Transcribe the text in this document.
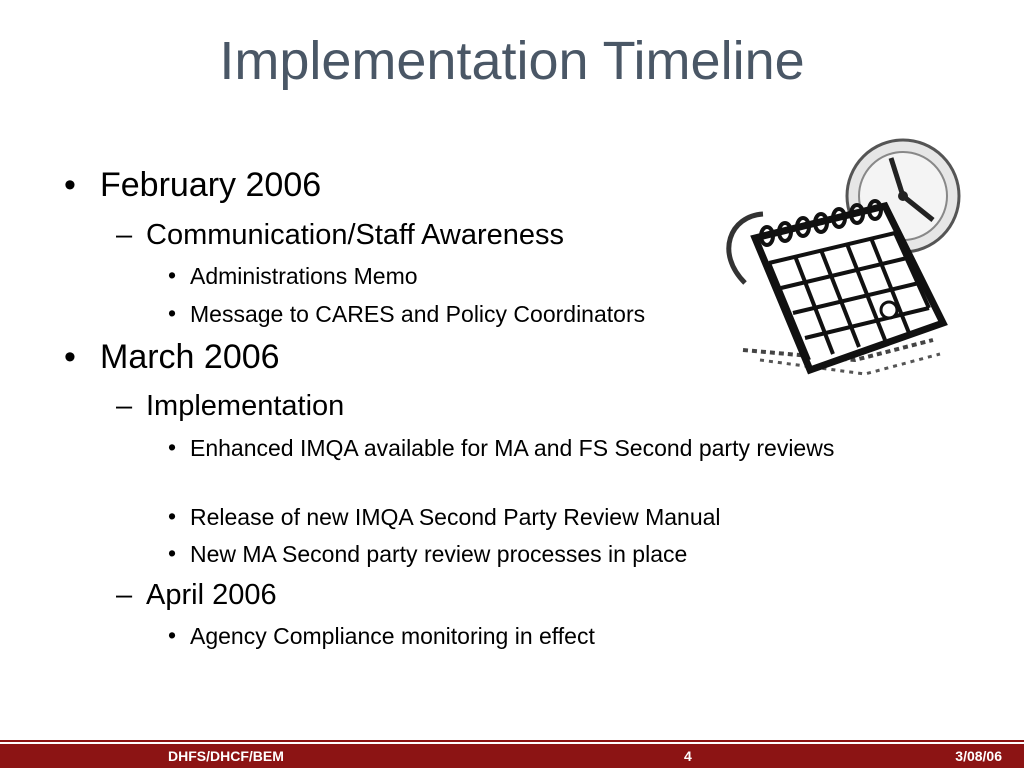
Implementation Timeline
• February 2006
– Communication/Staff Awareness
• Administrations Memo
• Message to CARES and Policy Coordinators
• March 2006
– Implementation
• Enhanced IMQA available for MA and FS Second party reviews
• Release of new IMQA Second Party Review Manual
• New MA Second party review processes in place
– April 2006
• Agency Compliance monitoring in effect
DHFS/DHCF/BEM	4	3/08/06
